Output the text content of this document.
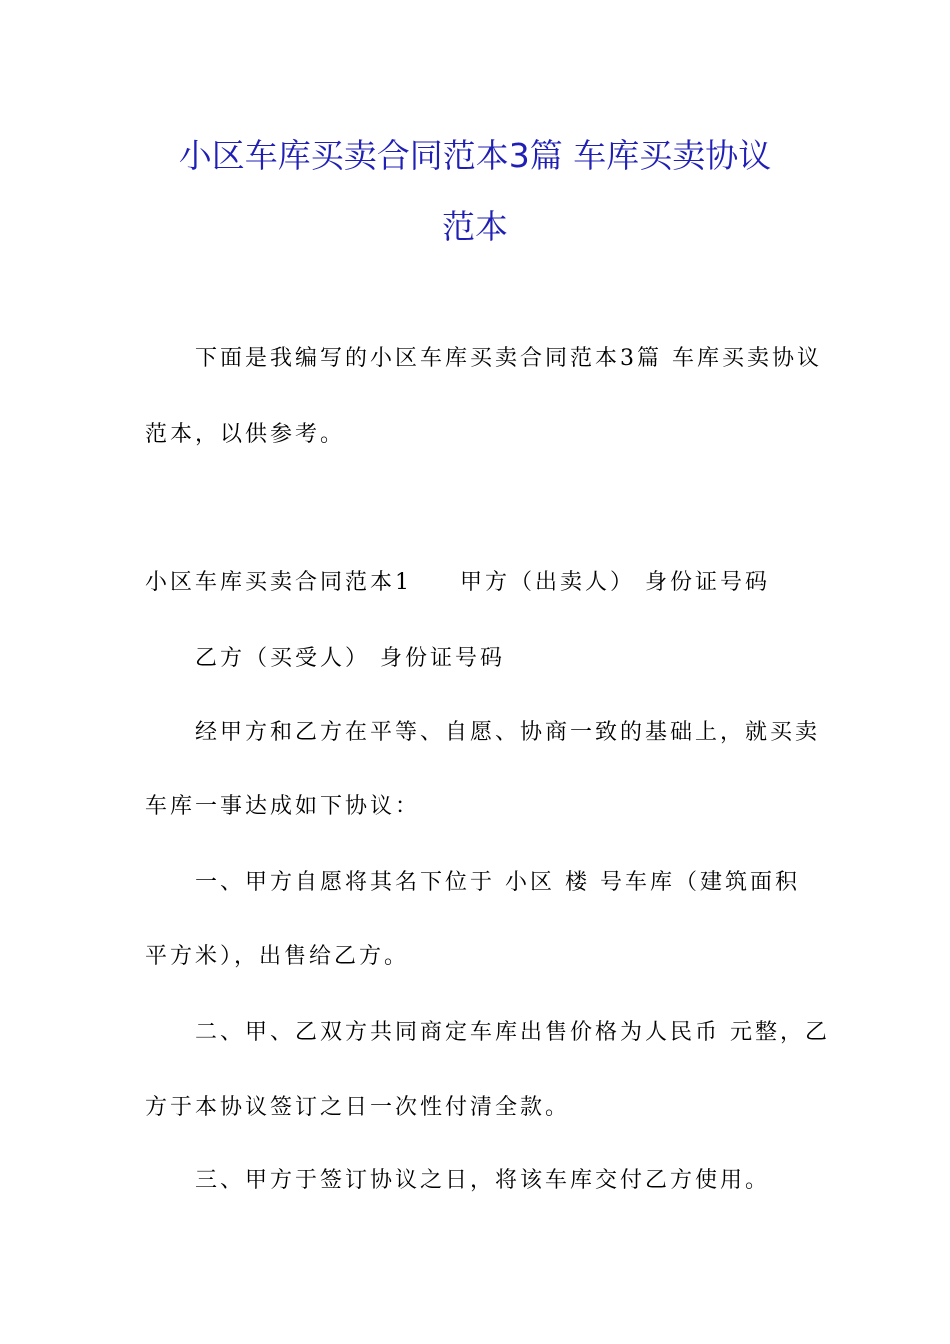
小区车库买卖合同范本3篇 车库买卖协议
范本
下面是我编写的小区车库买卖合同范本3篇 车库买卖协议
范本，以供参考。
小区车库买卖合同范本1 甲方（出卖人） 身份证号码
乙方（买受人） 身份证号码
经甲方和乙方在平等、自愿、协商一致的基础上，就买卖
车库一事达成如下协议：
一、甲方自愿将其名下位于 小区 楼 号车库（建筑面积
平方米），出售给乙方。
二、甲、乙双方共同商定车库出售价格为人民币 元整，乙
方于本协议签订之日一次性付清全款。
三、甲方于签订协议之日，将该车库交付乙方使用。
